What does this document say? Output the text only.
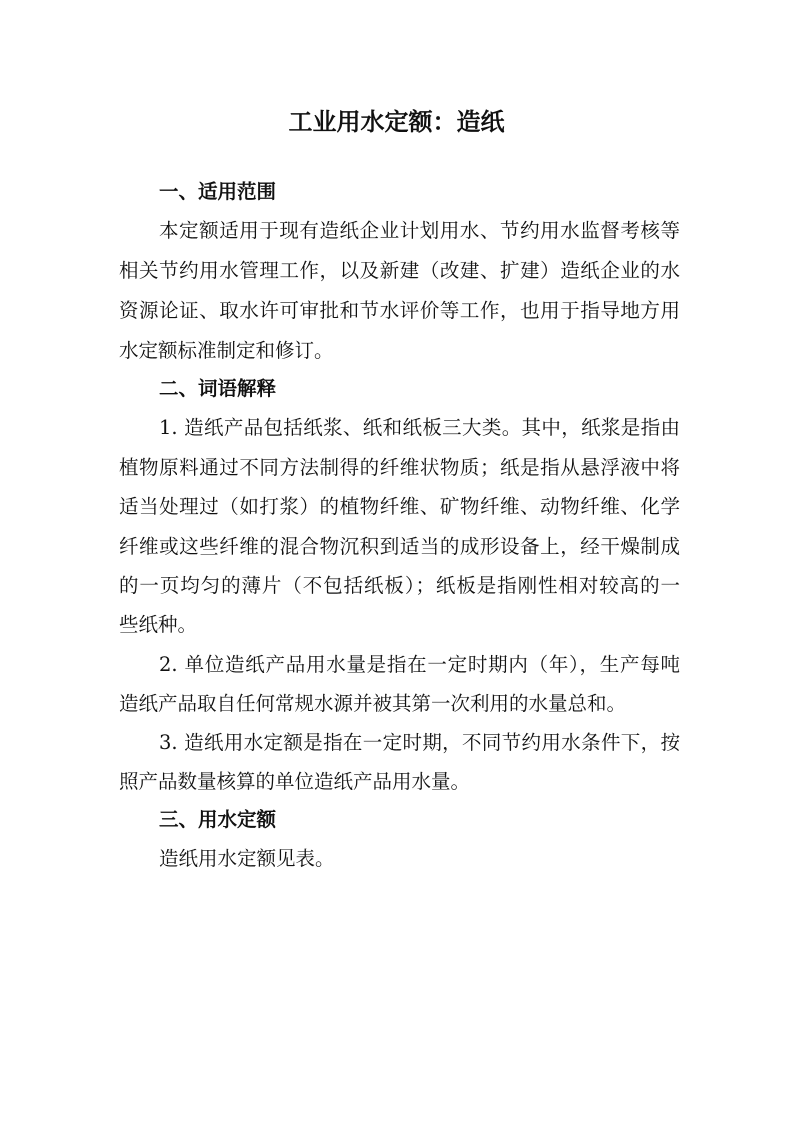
工业用水定额：造纸
一、适用范围
本定额适用于现有造纸企业计划用水、节约用水监督考核等
相关节约用水管理工作，以及新建（改建、扩建）造纸企业的水
资源论证、取水许可审批和节水评价等工作，也用于指导地方用
水定额标准制定和修订。
二、词语解释
1. 造纸产品包括纸浆、纸和纸板三大类。其中，纸浆是指由
植物原料通过不同方法制得的纤维状物质；纸是指从悬浮液中将
适当处理过（如打浆）的植物纤维、矿物纤维、动物纤维、化学
纤维或这些纤维的混合物沉积到适当的成形设备上，经干燥制成
的一页均匀的薄片（不包括纸板）；纸板是指刚性相对较高的一
些纸种。
2. 单位造纸产品用水量是指在一定时期内（年），生产每吨
造纸产品取自任何常规水源并被其第一次利用的水量总和。
3. 造纸用水定额是指在一定时期，不同节约用水条件下，按
照产品数量核算的单位造纸产品用水量。
三、用水定额
造纸用水定额见表。
